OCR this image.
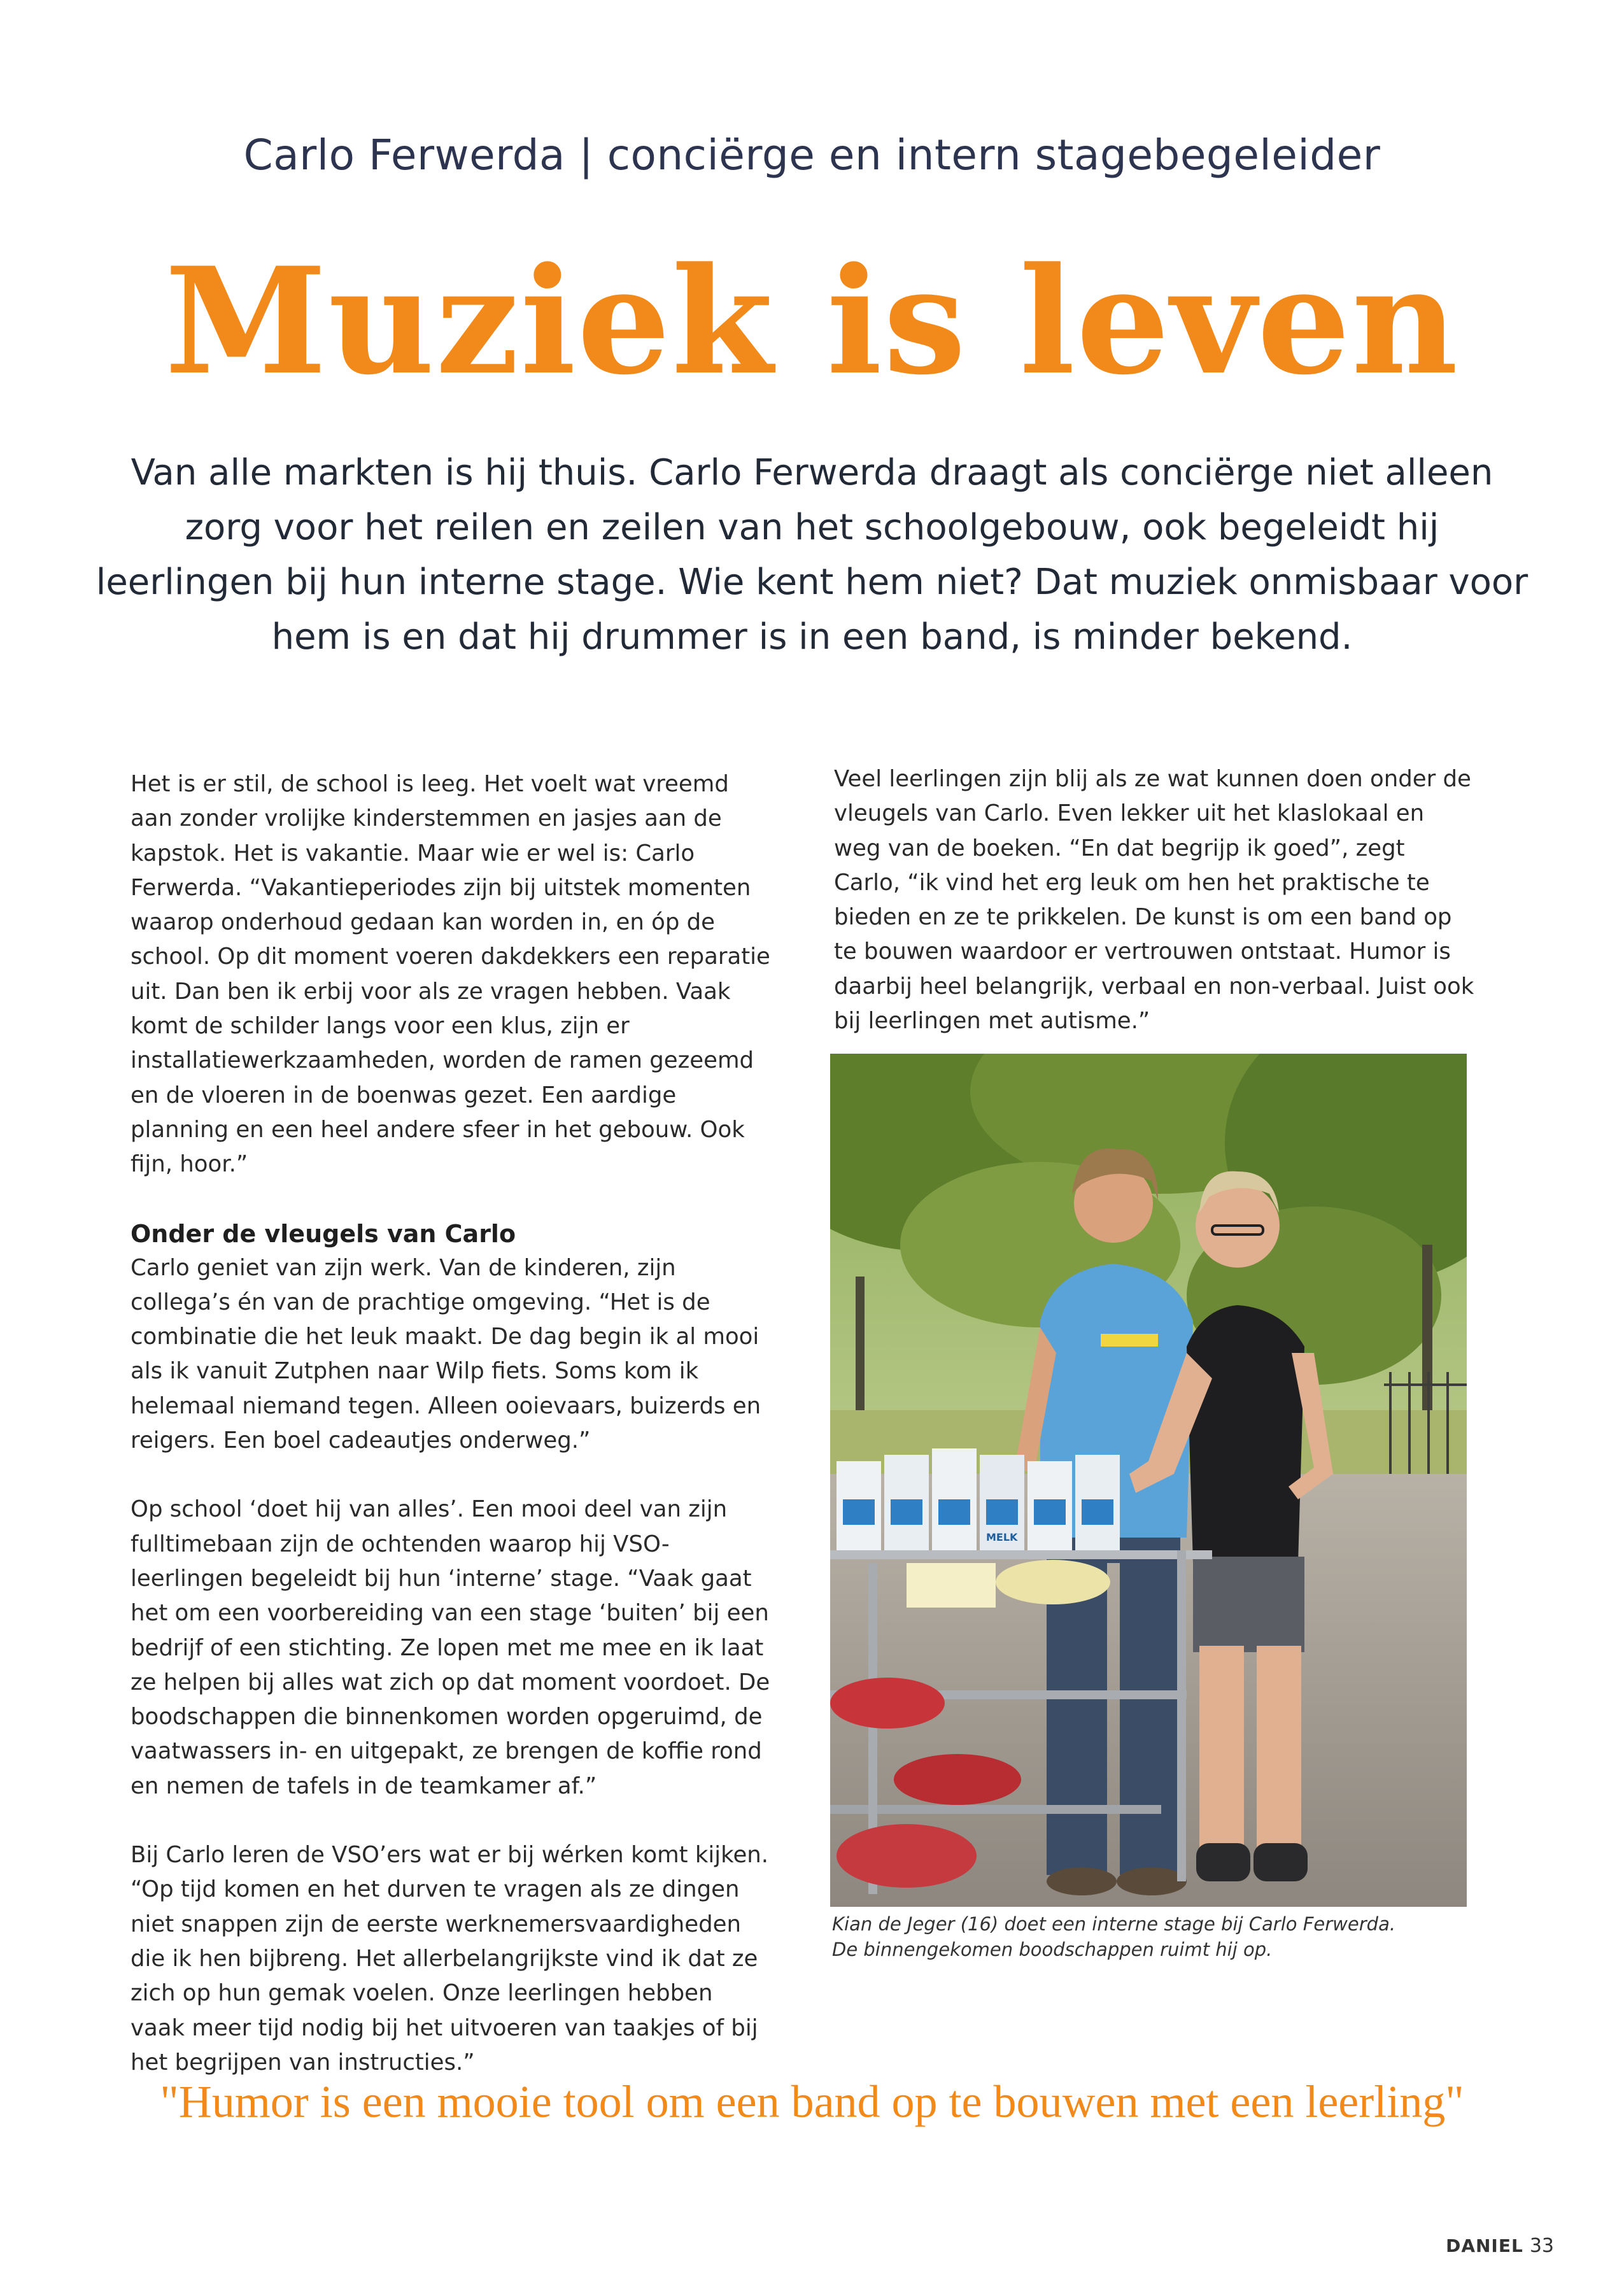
Carlo Ferwerda | conciërge en intern stagebegeleider
Muziek is leven
Van alle markten is hij thuis. Carlo Ferwerda draagt als conciërge niet alleen zorg voor het reilen en zeilen van het schoolgebouw, ook begeleidt hij leerlingen bij hun interne stage. Wie kent hem niet? Dat muziek onmisbaar voor hem is en dat hij drummer is in een band, is minder bekend.

Het is er stil, de school is leeg. Het voelt wat vreemd aan zonder vrolijke kinderstemmen en jasjes aan de kapstok. Het is vakantie. Maar wie er wel is: Carlo Ferwerda. “Vakantieperiodes zijn bij uitstek momenten waarop onderhoud gedaan kan worden in, en óp de school. Op dit moment voeren dakdekkers een reparatie uit. Dan ben ik erbij voor als ze vragen hebben. Vaak komt de schilder langs voor een klus, zijn er installatiewerkzaamheden, worden de ramen gezeemd en de vloeren in de boenwas gezet. Een aardige planning en een heel andere sfeer in het gebouw. Ook fijn, hoor.”

Onder de vleugels van Carlo

Carlo geniet van zijn werk. Van de kinderen, zijn collega’s én van de prachtige omgeving. “Het is de combinatie die het leuk maakt. De dag begin ik al mooi als ik vanuit Zutphen naar Wilp fiets. Soms kom ik helemaal niemand tegen. Alleen ooievaars, buizerds en reigers. Een boel cadeautjes onderweg.”

Op school ‘doet hij van alles’. Een mooi deel van zijn fulltimebaan zijn de ochtenden waarop hij VSO-leerlingen begeleidt bij hun ‘interne’ stage. “Vaak gaat het om een voorbereiding van een stage ‘buiten’ bij een bedrijf of een stichting. Ze lopen met me mee en ik laat ze helpen bij alles wat zich op dat moment voordoet. De boodschappen die binnenkomen worden opgeruimd, de vaatwassers in- en uitgepakt, ze brengen de koffie rond en nemen de tafels in de teamkamer af.”

Bij Carlo leren de VSO’ers wat er bij wérken komt kijken. “Op tijd komen en het durven te vragen als ze dingen niet snappen zijn de eerste werknemersvaardigheden die ik hen bijbreng. Het allerbelangrijkste vind ik dat ze zich op hun gemak voelen. Onze leerlingen hebben vaak meer tijd nodig bij het uitvoeren van taakjes of bij het begrijpen van instructies.”

Veel leerlingen zijn blij als ze wat kunnen doen onder de vleugels van Carlo. Even lekker uit het klaslokaal en weg van de boeken. “En dat begrijp ik goed”, zegt Carlo, “ik vind het erg leuk om hen het praktische te bieden en ze te prikkelen. De kunst is om een band op te bouwen waardoor er vertrouwen ontstaat. Humor is daarbij heel belangrijk, verbaal en non-verbaal. Juist ook bij leerlingen met autisme.”

MELK
Kian de Jeger (16) doet een interne stage bij Carlo Ferwerda.
De binnengekomen boodschappen ruimt hij op.
"Humor is een mooie tool om een band op te bouwen met een leerling"
DANIEL 33
